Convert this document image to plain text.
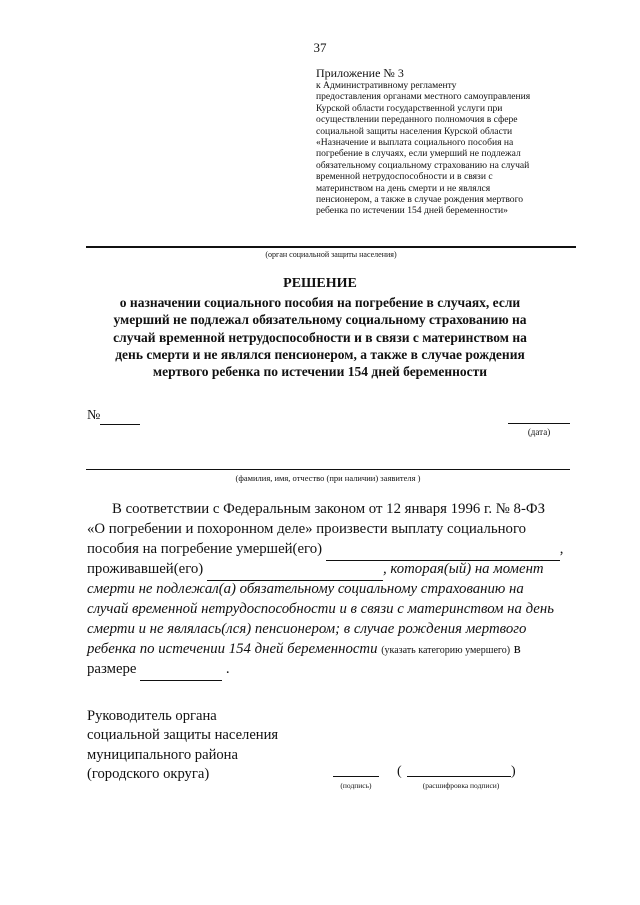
37
Приложение № 3
к Административному регламенту
предоставления органами местного самоуправления
Курской области государственной услуги при
осуществлении переданного полномочия в сфере
социальной защиты населения Курской области
«Назначение и выплата социального пособия на
погребение в случаях, если умерший не подлежал
обязательному социальному страхованию на случай
временной нетрудоспособности и в связи с
материнством на день смерти и не являлся
пенсионером, а также в случае рождения мертвого
ребенка по истечении 154 дней беременности»
(орган социальной защиты населения)
РЕШЕНИЕ
о назначении социального пособия на погребение в случаях, если
умерший не подлежал обязательному социальному страхованию на
случай временной нетрудоспособности и в связи с материнством на
день смерти и не являлся пенсионером, а также в случае рождения
мертвого ребенка по истечении 154 дней беременности
№
(дата)
(фамилия, имя, отчество (при наличии) заявителя )
В соответствии с Федеральным законом от 12 января 1996 г. № 8-ФЗ
«О погребении и похоронном деле» произвести выплату социального
пособия на погребение умершей(его)	,
проживавшей(его)	, которая(ый) на момент
смерти не подлежал(а) обязательному социальному страхованию на
случай временной нетрудоспособности и в связи с материнством на день
смерти и не являлась(лся) пенсионером; в случае рождения мертвого
ребенка по истечении 154 дней беременности (указать категорию умершего) в
размере	.
Руководитель органа
социальной защиты населения
муниципального района
(городского округа)
(подпись)
(	)
(расшифровка подписи)
